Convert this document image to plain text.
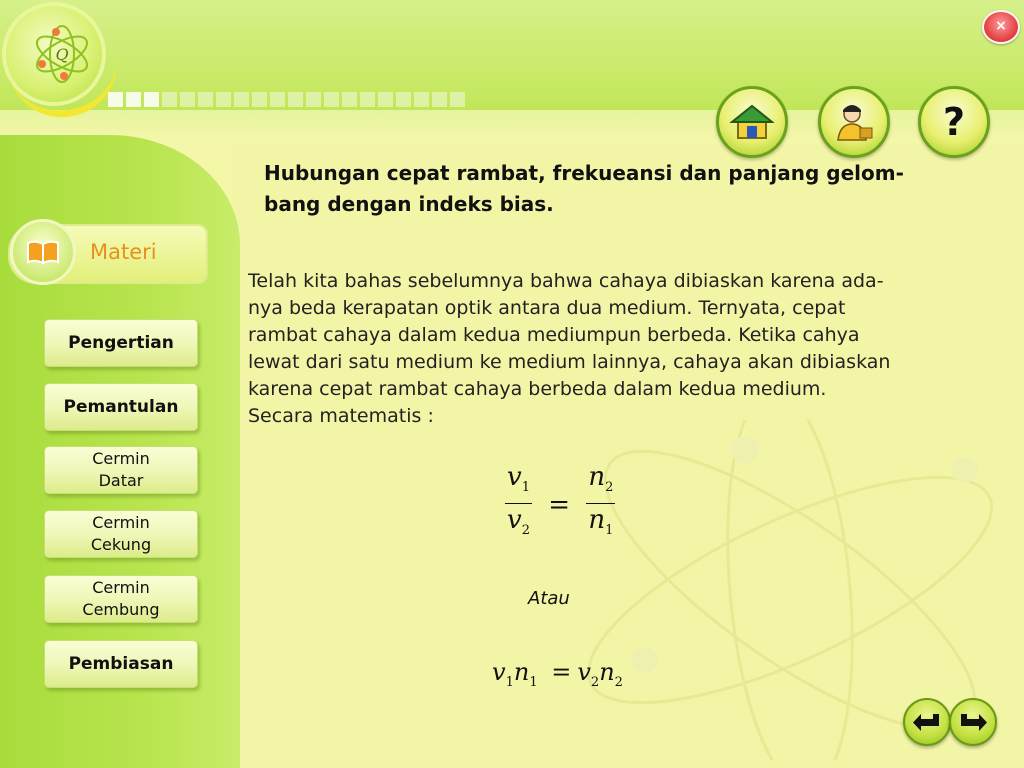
Q
×
?
Hubungan cepat rambat, frekueansi dan panjang gelom-
bang dengan indeks bias.
Telah kita bahas sebelumnya bahwa cahaya dibiaskan karena ada-
nya beda kerapatan optik antara dua medium. Ternyata, cepat
rambat cahaya dalam kedua mediumpun berbeda. Ketika cahya
lewat dari satu medium ke medium lainnya, cahaya akan dibiaskan
karena cepat rambat cahaya berbeda dalam kedua medium.
Secara matematis :
$\frac{v_1}{v_2} = \frac{n_2}{n_1}$
Atau
$v_1n_1 = v_2n_2$
Materi
Pengertian
Pemantulan
Cermin
Datar
Cermin
Cekung
Cermin
Cembung
Pembiasan
